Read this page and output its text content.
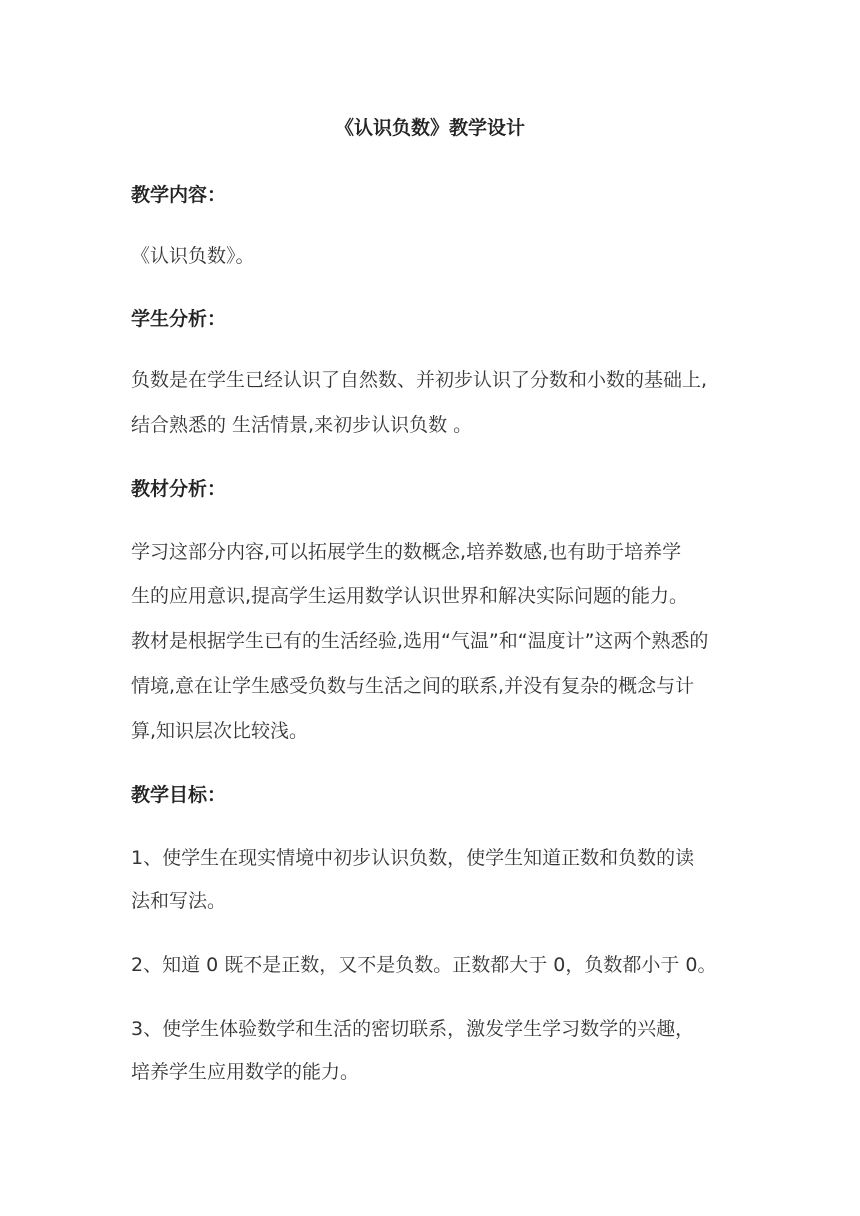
《认识负数》教学设计
教学内容：
《认识负数》。
学生分析：
负数是在学生已经认识了自然数、并初步认识了分数和小数的基础上,
结合熟悉的 生活情景,来初步认识负数 。
教材分析：
学习这部分内容,可以拓展学生的数概念,培养数感,也有助于培养学
生的应用意识,提高学生运用数学认识世界和解决实际问题的能力。
教材是根据学生已有的生活经验,选用“气温”和“温度计”这两个熟悉的
情境,意在让学生感受负数与生活之间的联系,并没有复杂的概念与计
算,知识层次比较浅。
教学目标：
1、使学生在现实情境中初步认识负数，使学生知道正数和负数的读
法和写法。
2、知道 0 既不是正数，又不是负数。正数都大于 0，负数都小于 0。
3、使学生体验数学和生活的密切联系，激发学生学习数学的兴趣，
培养学生应用数学的能力。
